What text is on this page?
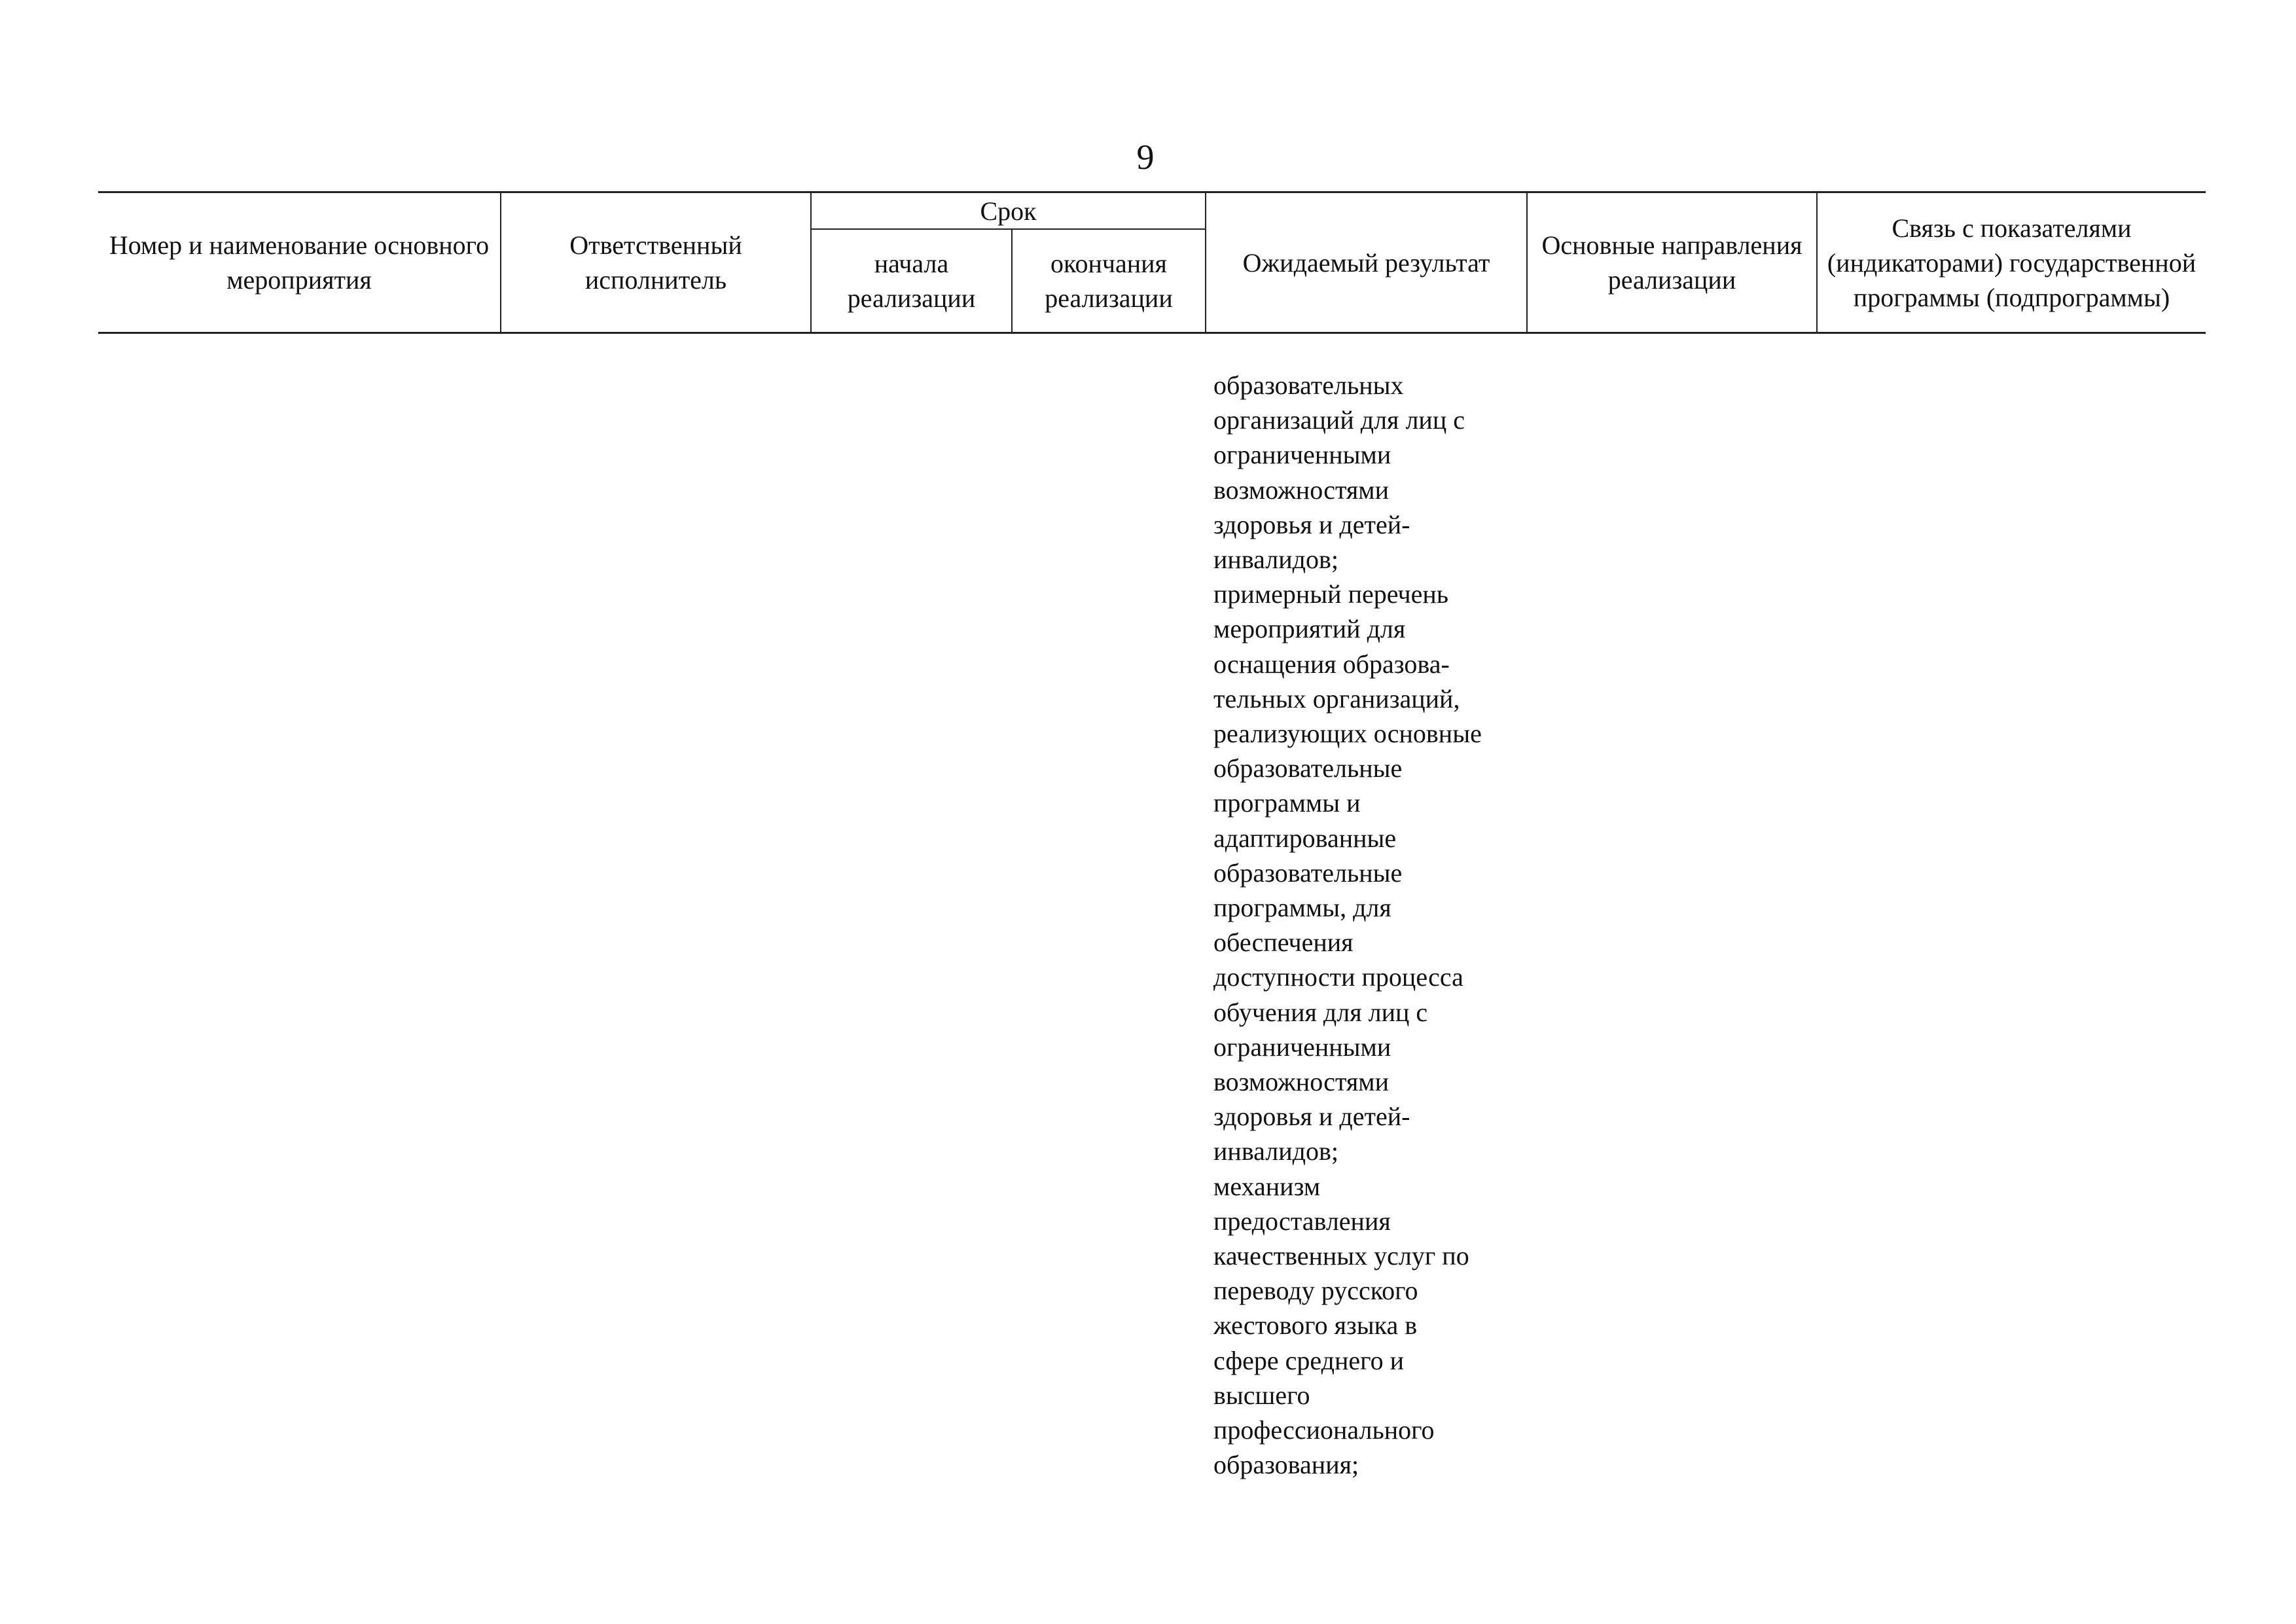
9
Номер и наименование основного мероприятия	Ответственный исполнитель	Срок		Ожидаемый результат	Основные направления реализации	Связь с показателями (индикаторами) государственной программы (подпрограммы)
		начала реализации	окончания реализации			
образовательных
организаций для лиц с
ограниченными
возможностями
здоровья и детей-
инвалидов;
примерный перечень
мероприятий для
оснащения образова-
тельных организаций,
реализующих основные
образовательные
программы и
адаптированные
образовательные
программы, для
обеспечения
доступности процесса
обучения для лиц с
ограниченными
возможностями
здоровья и детей-
инвалидов;
механизм
предоставления
качественных услуг по
переводу русского
жестового языка в
сфере среднего и
высшего
профессионального
образования;
